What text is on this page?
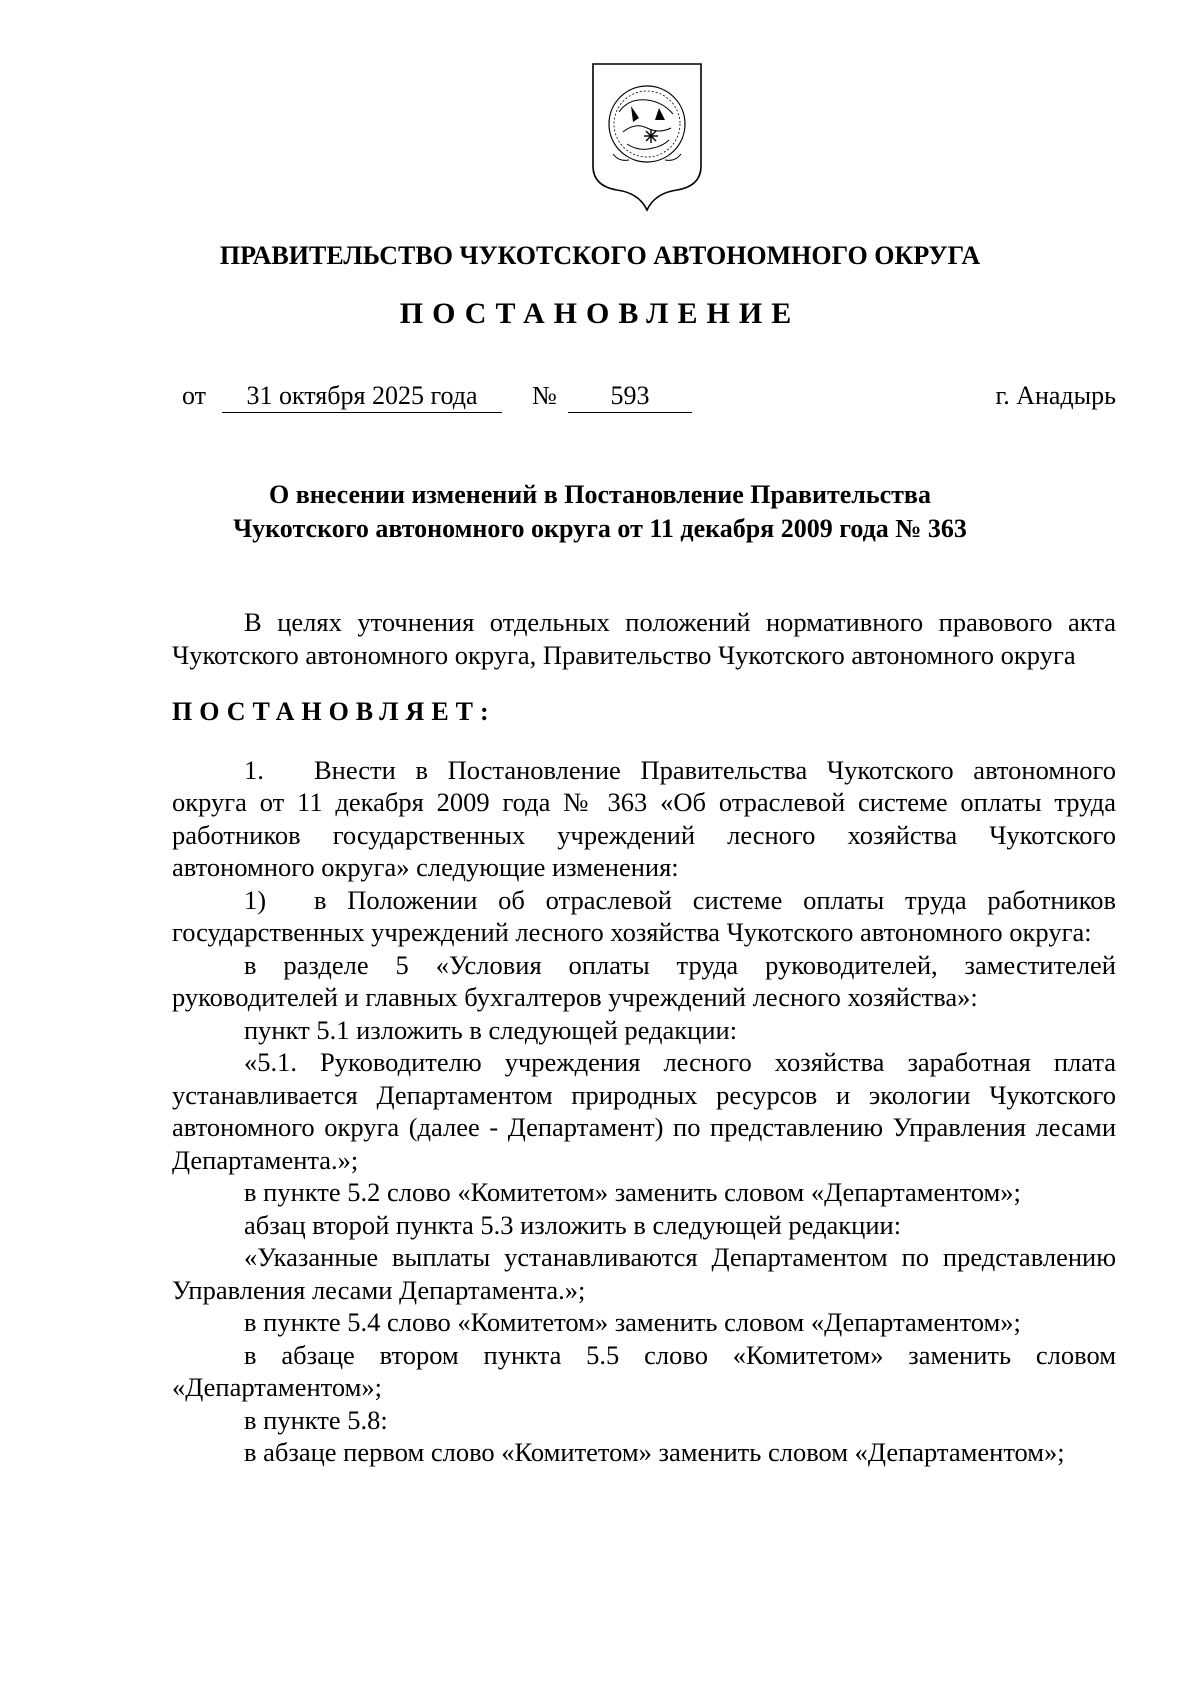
ПРАВИТЕЛЬСТВО ЧУКОТСКОГО АВТОНОМНОГО ОКРУГА
ПОСТАНОВЛЕНИЕ
от	31 октября 2025 года	№	593	г. Анадырь
О внесении изменений в Постановление Правительства
Чукотского автономного округа от 11 декабря 2009 года № 363

В целях уточнения отдельных положений нормативного правового акта Чукотского автономного округа, Правительство Чукотского автономного округа

ПОСТАНОВЛЯЕТ:

1. Внести в Постановление Правительства Чукотского автономного округа от 11 декабря 2009 года № 363 «Об отраслевой системе оплаты труда работников государственных учреждений лесного хозяйства Чукотского автономного округа» следующие изменения:

1) в Положении об отраслевой системе оплаты труда работников государственных учреждений лесного хозяйства Чукотского автономного округа:

в разделе 5 «Условия оплаты труда руководителей, заместителей руководителей и главных бухгалтеров учреждений лесного хозяйства»:

пункт 5.1 изложить в следующей редакции:

«5.1. Руководителю учреждения лесного хозяйства заработная плата устанавливается Департаментом природных ресурсов и экологии Чукотского автономного округа (далее - Департамент) по представлению Управления лесами Департамента.»;

в пункте 5.2 слово «Комитетом» заменить словом «Департаментом»;

абзац второй пункта 5.3 изложить в следующей редакции:

«Указанные выплаты устанавливаются Департаментом по представлению Управления лесами Департамента.»;

в пункте 5.4 слово «Комитетом» заменить словом «Департаментом»;

в абзаце втором пункта 5.5 слово «Комитетом» заменить словом «Департаментом»;

в пункте 5.8:

в абзаце первом слово «Комитетом» заменить словом «Департаментом»;
